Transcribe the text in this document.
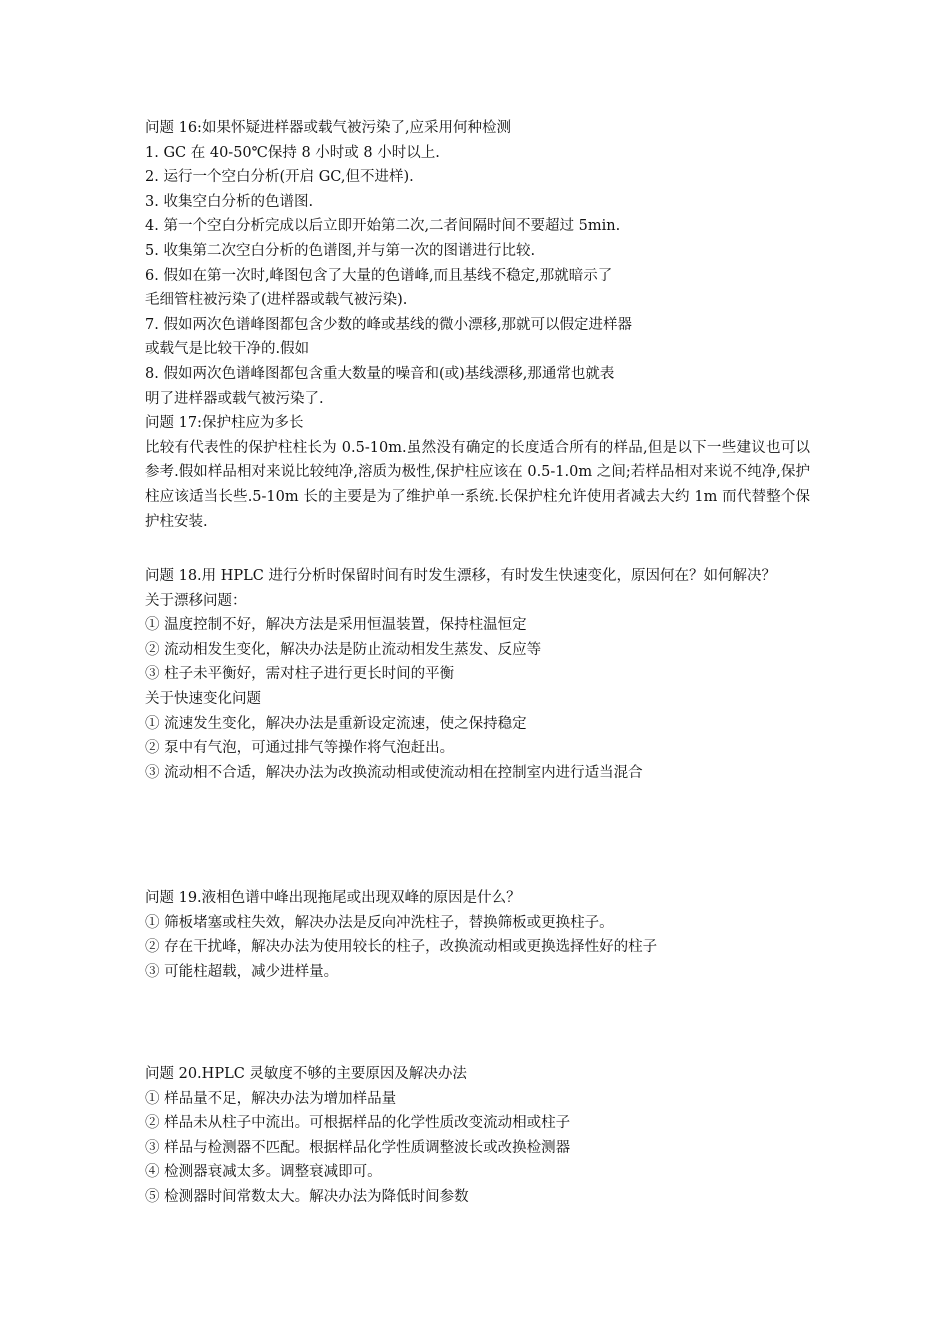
问题 16:如果怀疑进样器或载气被污染了,应采用何种检测
1. GC 在 40-50℃保持 8 小时或 8 小时以上.
2. 运行一个空白分析(开启 GC,但不进样).
3. 收集空白分析的色谱图.
4. 第一个空白分析完成以后立即开始第二次,二者间隔时间不要超过 5min.
5. 收集第二次空白分析的色谱图,并与第一次的图谱进行比较.
6. 假如在第一次时,峰图包含了大量的色谱峰,而且基线不稳定,那就暗示了
毛细管柱被污染了(进样器或载气被污染).
7. 假如两次色谱峰图都包含少数的峰或基线的微小漂移,那就可以假定进样器
或载气是比较干净的.假如
8. 假如两次色谱峰图都包含重大数量的噪音和(或)基线漂移,那通常也就表
明了进样器或载气被污染了.
问题 17:保护柱应为多长
比较有代表性的保护柱柱长为 0.5-10m.虽然没有确定的长度适合所有的样品,但是以下一些建议也可以参考.假如样品相对来说比较纯净,溶质为极性,保护柱应该在 0.5-1.0m 之间;若样品相对来说不纯净,保护柱应该适当长些.5-10m 长的主要是为了维护单一系统.长保护柱允许使用者减去大约 1m 而代替整个保护柱安装.
问题 18.用 HPLC 进行分析时保留时间有时发生漂移，有时发生快速变化，原因何在？如何解决？
关于漂移问题：
① 温度控制不好，解决方法是采用恒温装置，保持柱温恒定
② 流动相发生变化，解决办法是防止流动相发生蒸发、反应等
③ 柱子未平衡好，需对柱子进行更长时间的平衡
关于快速变化问题
① 流速发生变化，解决办法是重新设定流速，使之保持稳定
② 泵中有气泡，可通过排气等操作将气泡赶出。
③ 流动相不合适，解决办法为改换流动相或使流动相在控制室内进行适当混合
问题 19.液相色谱中峰出现拖尾或出现双峰的原因是什么？
① 筛板堵塞或柱失效，解决办法是反向冲洗柱子，替换筛板或更换柱子。
② 存在干扰峰，解决办法为使用较长的柱子，改换流动相或更换选择性好的柱子
③ 可能柱超载，减少进样量。
问题 20.HPLC 灵敏度不够的主要原因及解决办法
① 样品量不足，解决办法为增加样品量
② 样品未从柱子中流出。可根据样品的化学性质改变流动相或柱子
③ 样品与检测器不匹配。根据样品化学性质调整波长或改换检测器
④ 检测器衰减太多。调整衰减即可。
⑤ 检测器时间常数太大。解决办法为降低时间参数
